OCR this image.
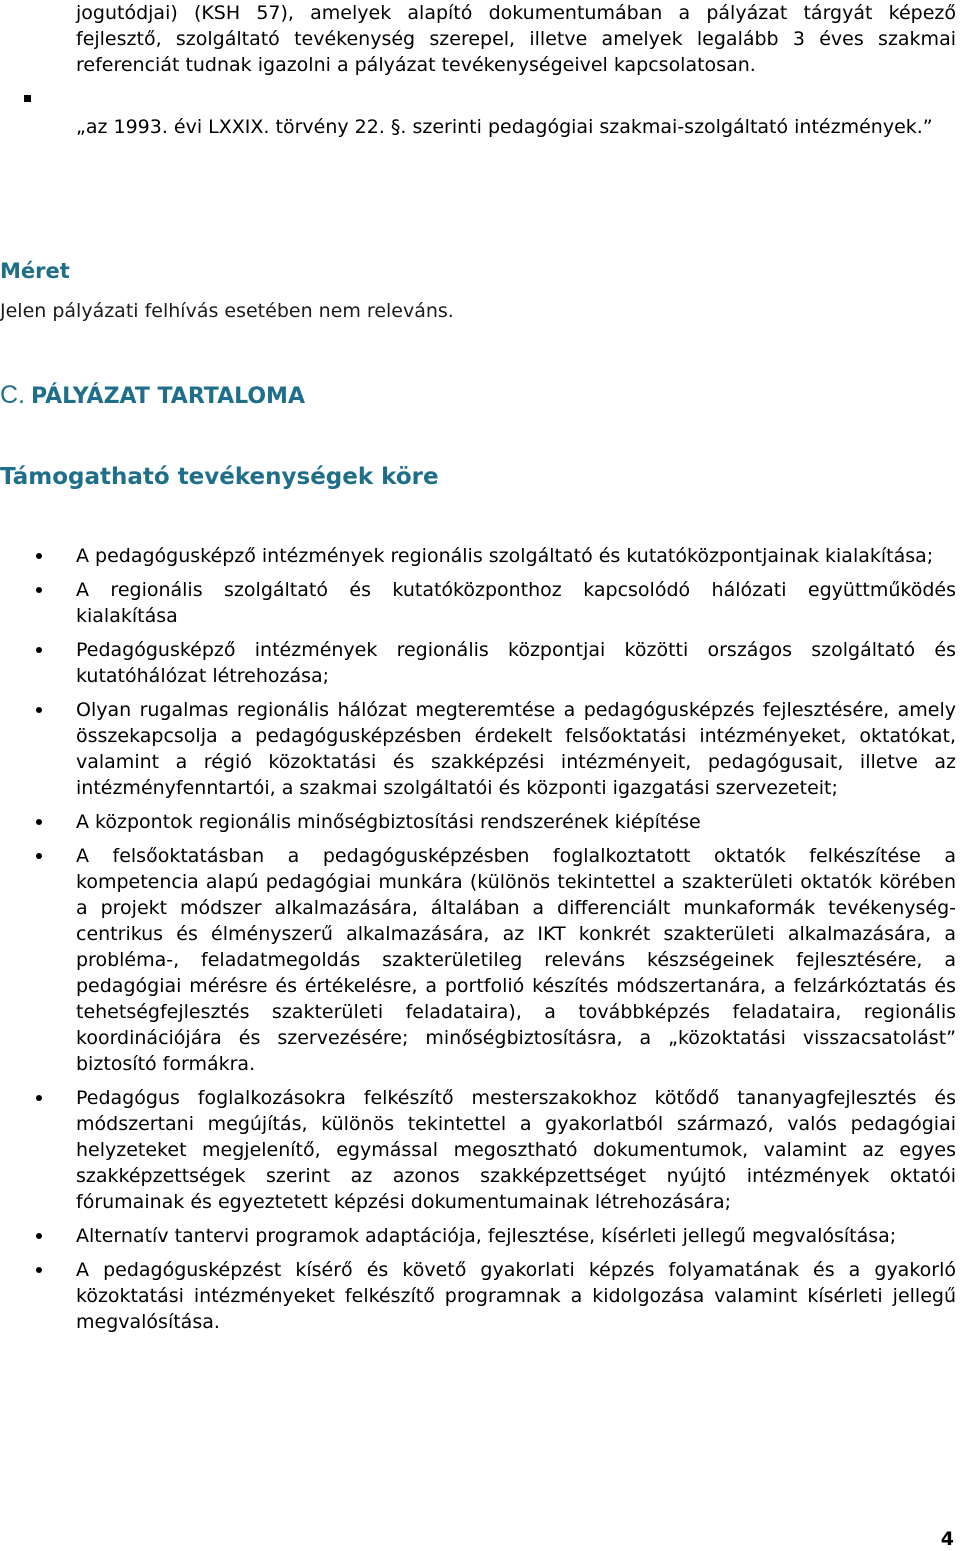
jogutódjai) (KSH 57), amelyek alapító dokumentumában a pályázat tárgyát képező fejlesztő, szolgáltató tevékenység szerepel, illetve amelyek legalább 3 éves szakmai referenciát tudnak igazolni a pályázat tevékenységeivel kapcsolatosan.

„az 1993. évi LXXIX. törvény 22. §. szerinti pedagógiai szakmai-szolgáltató intézmények.”

Méret

Jelen pályázati felhívás esetében nem releváns.

C. PÁLYÁZAT TARTALOMA
Támogatható tevékenységek köre
A pedagógusképző intézmények regionális szolgáltató és kutatóközpontjainak kialakítása;
A regionális szolgáltató és kutatóközponthoz kapcsolódó hálózati együttműködés kialakítása
Pedagógusképző intézmények regionális központjai közötti országos szolgáltató és kutatóhálózat létrehozása;
Olyan rugalmas regionális hálózat megteremtése a pedagógusképzés fejlesztésére, amely összekapcsolja a pedagógusképzésben érdekelt felsőoktatási intézményeket, oktatókat, valamint a régió közoktatási és szakképzési intézményeit, pedagógusait, illetve az intézményfenntartói, a szakmai szolgáltatói és központi igazgatási szervezeteit;
A központok regionális minőségbiztosítási rendszerének kiépítése
A felsőoktatásban a pedagógusképzésben foglalkoztatott oktatók felkészítése a kompetencia alapú pedagógiai munkára (különös tekintettel a szakterületi oktatók körében a projekt módszer alkalmazására, általában a differenciált munkaformák tevékenység-centrikus és élményszerű alkalmazására, az IKT konkrét szakterületi alkalmazására, a probléma-, feladatmegoldás szakterületileg releváns készségeinek fejlesztésére, a pedagógiai mérésre és értékelésre, a portfolió készítés módszertanára, a felzárkóztatás és tehetségfejlesztés szakterületi feladataira), a továbbképzés feladataira, regionális koordinációjára és szervezésére; minőségbiztosításra, a „közoktatási visszacsatolást” biztosító formákra.
Pedagógus foglalkozásokra felkészítő mesterszakokhoz kötődő tananyagfejlesztés és módszertani megújítás, különös tekintettel a gyakorlatból származó, valós pedagógiai helyzeteket megjelenítő, egymással megosztható dokumentumok, valamint az egyes szakképzettségek szerint az azonos szakképzettséget nyújtó intézmények oktatói fórumainak és egyeztetett képzési dokumentumainak létrehozására;
Alternatív tantervi programok adaptációja, fejlesztése, kísérleti jellegű megvalósítása;
A pedagógusképzést kísérő és követő gyakorlati képzés folyamatának és a gyakorló közoktatási intézményeket felkészítő programnak a kidolgozása valamint kísérleti jellegű megvalósítása.

4
